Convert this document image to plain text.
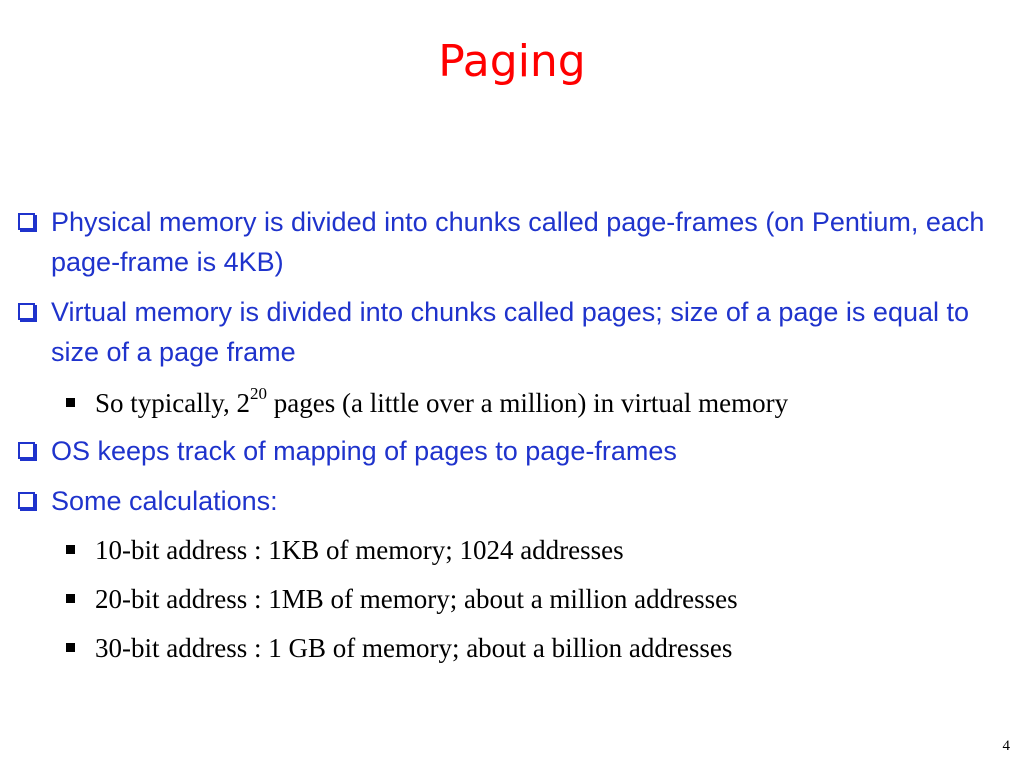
Paging
Physical memory is divided into chunks called page-frames (on Pentium, each page-frame is 4KB)
Virtual memory is divided into chunks called pages; size of a page is equal to size of a page frame
So typically, $2^{20}$ pages (a little over a million) in virtual memory
OS keeps track of mapping of pages to page-frames
Some calculations:
10-bit address : 1KB of memory; 1024 addresses
20-bit address : 1MB of memory; about a million addresses
30-bit address : 1 GB of memory; about a billion addresses
4
